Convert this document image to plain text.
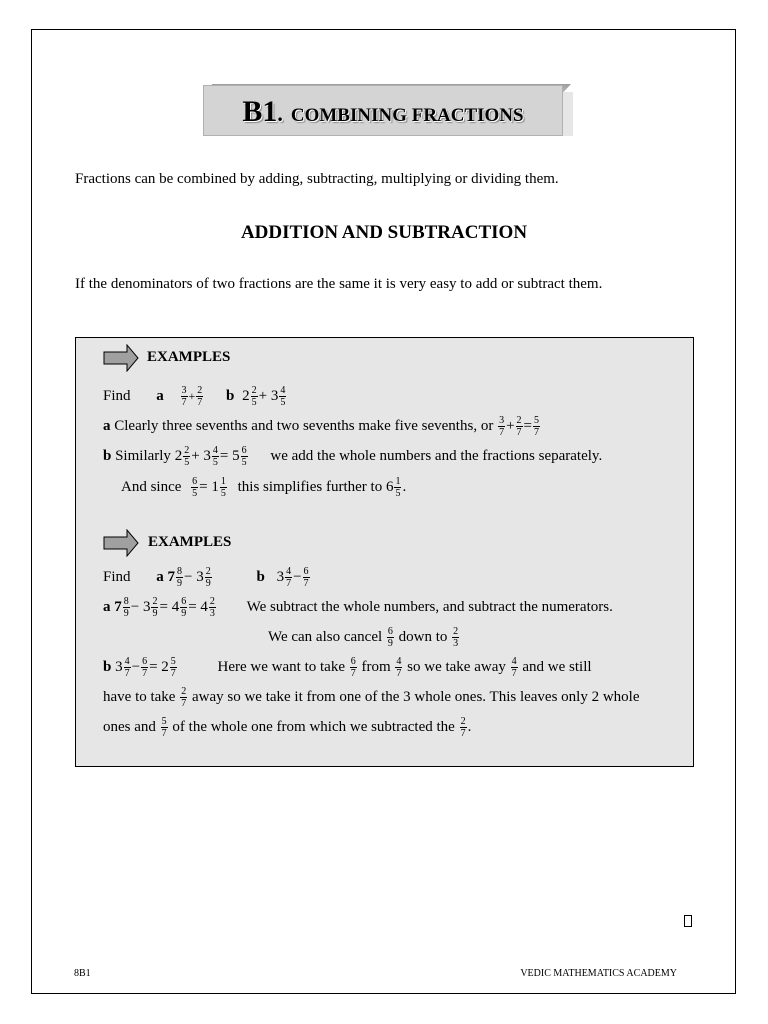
B1. COMBINING FRACTIONS
Fractions can be combined by adding, subtracting, multiplying or dividing them.
ADDITION AND SUBTRACTION
If the denominators of two fractions are the same it is very easy to add or subtract them.
EXAMPLES
Find a $\frac{3}{7} + \frac{2}{7}$ b $2 \frac{2}{5} + 3 \frac{4}{5}$
a Clearly three sevenths and two sevenths make five sevenths, or $\frac{3}{7} + \frac{2}{7} = \frac{5}{7}$
b Similarly $2 \frac{2}{5} + 3 \frac{4}{5} = 5 \frac{6}{5}$ we add the whole numbers and the fractions separately.
And since $\frac{6}{5} = 1 \frac{1}{5}$ this simplifies further to $6 \frac{1}{5}$ .
EXAMPLES
Find a $7 \frac{8}{9} - 3 \frac{2}{9}$	b $3 \frac{4}{7} - \frac{6}{7}$
a $7 \frac{8}{9} - 3 \frac{2}{9} = 4 \frac{6}{9} = 4 \frac{2}{3}$ We subtract the whole numbers, and subtract the numerators.
We can also cancel $\frac{6}{9}$ down to $\frac{2}{3}$
b $3 \frac{4}{7} - \frac{6}{7} = 2 \frac{5}{7}$	Here we want to take $\frac{6}{7}$ from $\frac{4}{7}$ so we take away $\frac{4}{7}$ and we still
have to take $\frac{2}{7}$ away so we take it from one of the 3 whole ones. This leaves only 2 whole
ones and $\frac{5}{7}$ of the whole one from which we subtracted the $\frac{2}{7}$ .
8B1	VEDIC MATHEMATICS ACADEMY
